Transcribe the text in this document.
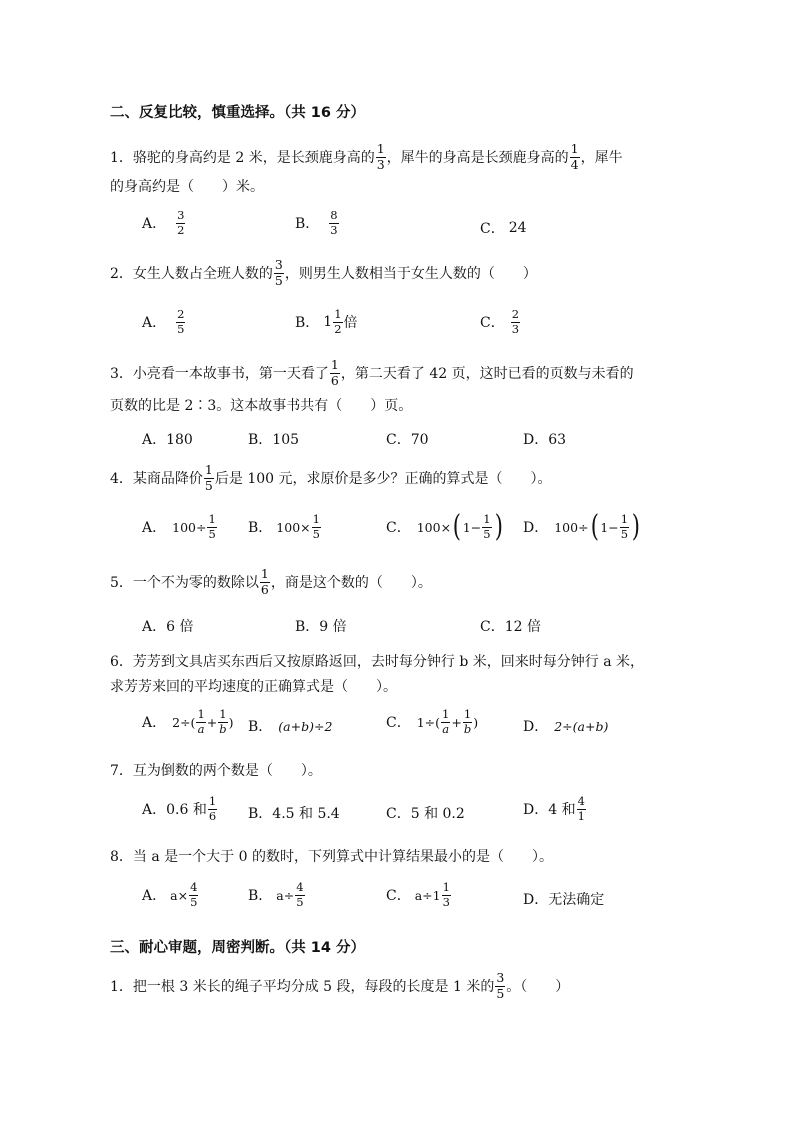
二、反复比较，慎重选择。（共 16 分）
1．骆驼的身高约是 2 米，是长颈鹿身高的 $\frac{1}{3}$ ，犀牛的身高是长颈鹿身高的 $\frac{1}{4}$ ，犀牛
的身高约是（　　）米。
A． $\frac{3}{2}$	B． $\frac{8}{3}$	C． 24
2．女生人数占全班人数的 $\frac{3}{5}$ ，则男生人数相当于女生人数的（　　）
A． $\frac{2}{5}$	B． $1 \frac{1}{2}$ 倍	C． $\frac{2}{3}$
3．小亮看一本故事书，第一天看了 $\frac{1}{6}$ ，第二天看了 42 页，这时已看的页数与未看的
页数的比是 2∶3。这本故事书共有（　　）页。
A．180	B．105	C．70	D．63
4．某商品降价 $\frac{1}{5}$ 后是 100 元，求原价是多少？正确的算式是（　　）。
A． $100\div \frac{1}{5}$ B． $100\times \frac{1}{5}$	C． 100× ( $1 - \frac{1}{5}$ ) D． 100÷ ( $1 - \frac{1}{5}$ )
5．一个不为零的数除以 $\frac{1}{6}$ ，商是这个数的（　　）。
A．6 倍	B．9 倍	C．12 倍
6．芳芳到文具店买东西后又按原路返回，去时每分钟行 b 米，回来时每分钟行 a 米，
求芳芳来回的平均速度的正确算式是（　　）。
A． $2\div( \frac{1}{a} + \frac{1}{b}$ ) B． (a+b)÷2	C． $1\div( \frac{1}{a} + \frac{1}{b}$ )	D． 2÷(a+b)
7．互为倒数的两个数是（　　）。
A．0.6 和 $\frac{1}{6}$ B．4.5 和 5.4	C．5 和 0.2	D．4 和 $\frac{4}{1}$
8．当 a 是一个大于 0 的数时，下列算式中计算结果最小的是（　　）。
A． $a\times \frac{4}{5}$	B． $a\div \frac{4}{5}$	C． $a\div 1 \frac{1}{3}$	D．无法确定
三、耐心审题，周密判断。（共 14 分）
1．把一根 3 米长的绳子平均分成 5 段，每段的长度是 1 米的 $\frac{3}{5}$ 。（　　）
